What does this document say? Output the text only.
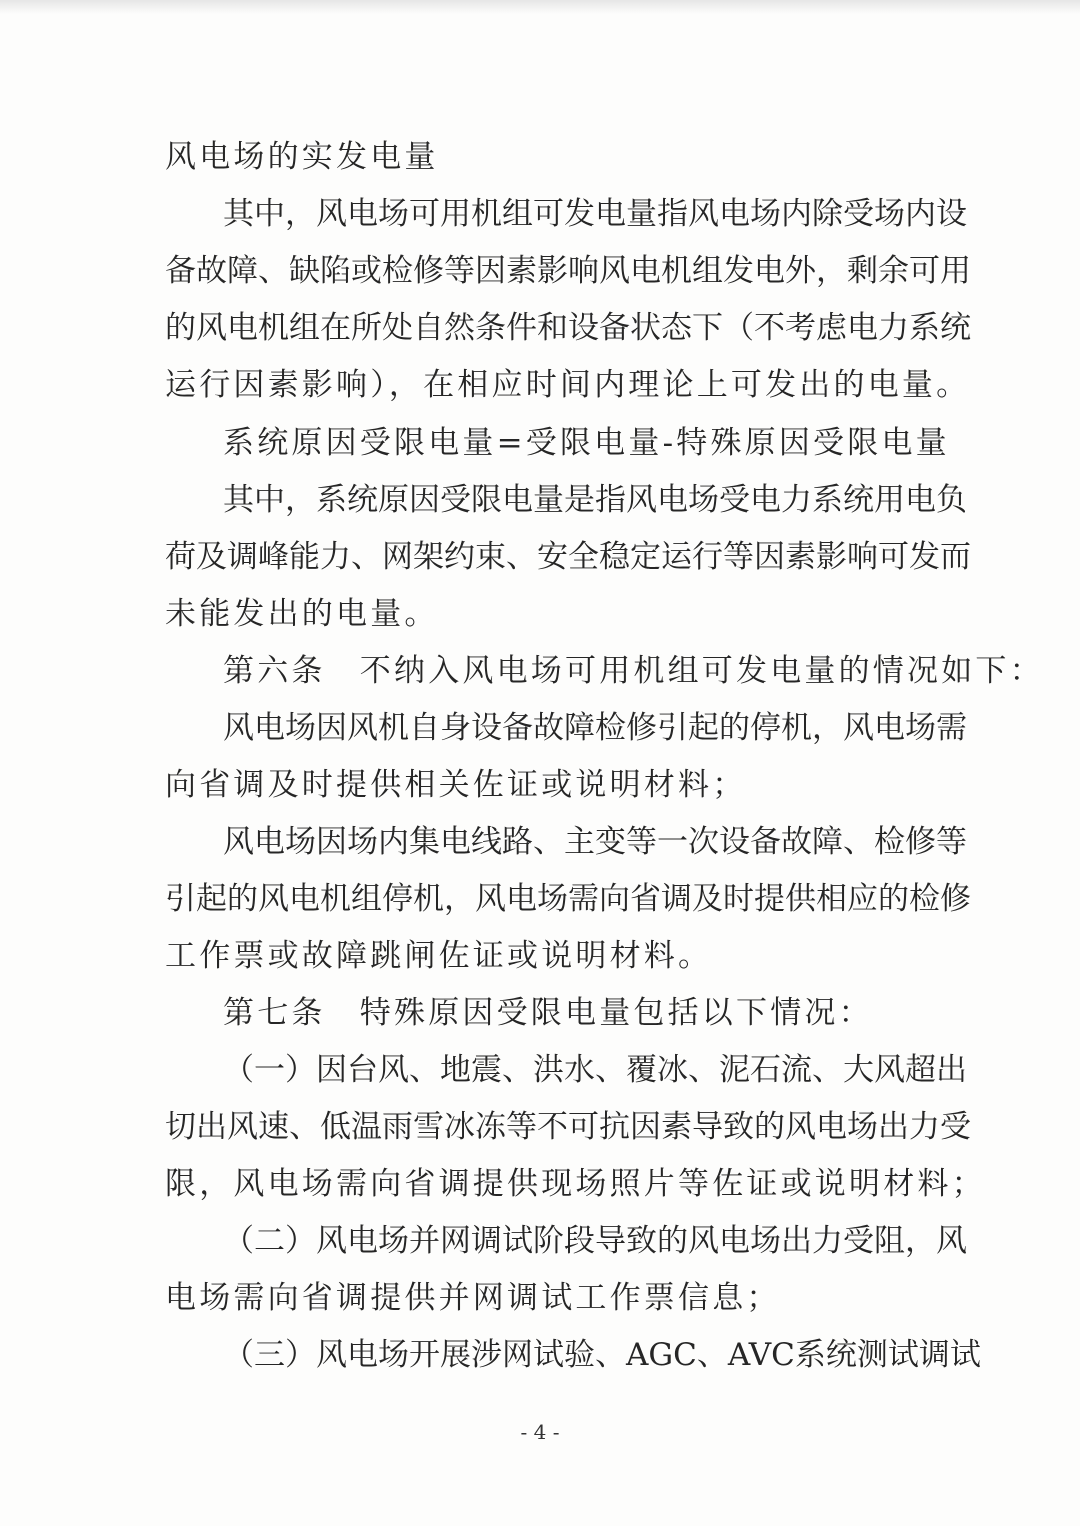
风电场的实发电量
其中，风电场可用机组可发电量指风电场内除受场内设
备故障、缺陷或检修等因素影响风电机组发电外，剩余可用
的风电机组在所处自然条件和设备状态下（不考虑电力系统
运行因素影响），在相应时间内理论上可发出的电量。
系统原因受限电量=受限电量-特殊原因受限电量
其中，系统原因受限电量是指风电场受电力系统用电负
荷及调峰能力、网架约束、安全稳定运行等因素影响可发而
未能发出的电量。
第六条　不纳入风电场可用机组可发电量的情况如下：
风电场因风机自身设备故障检修引起的停机，风电场需
向省调及时提供相关佐证或说明材料；
风电场因场内集电线路、主变等一次设备故障、检修等
引起的风电机组停机，风电场需向省调及时提供相应的检修
工作票或故障跳闸佐证或说明材料。
第七条　特殊原因受限电量包括以下情况：
（一）因台风、地震、洪水、覆冰、泥石流、大风超出
切出风速、低温雨雪冰冻等不可抗因素导致的风电场出力受
限，风电场需向省调提供现场照片等佐证或说明材料；
（二）风电场并网调试阶段导致的风电场出力受阻，风
电场需向省调提供并网调试工作票信息；
（三）风电场开展涉网试验、AGC、AVC系统测试调试
- 4 -
